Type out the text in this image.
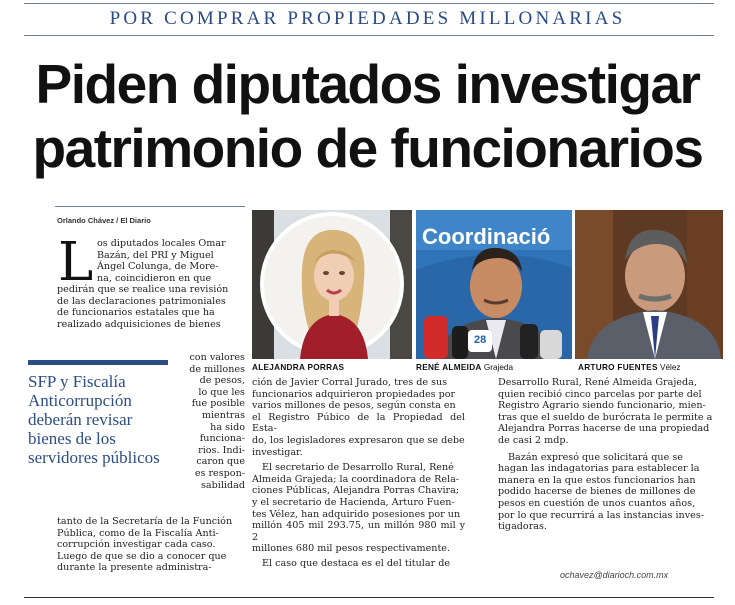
POR COMPRAR PROPIEDADES MILLONARIAS
Piden diputados investigar
patrimonio de funcionarios
Orlando Chávez / El Diario
L os diputados locales Omar
Bazán, del PRI y Miguel
Ángel Colunga, de More-
na, coincidieron en que
pedirán que se realice una revisión
de las declaraciones patrimoniales
de funcionarios estatales que ha
realizado adquisiciones de bienes
SFP y Fiscalía Anticorrupción deberán revisar bienes de los servidores públicos
con valores
de millones
de pesos,
lo que les
fue posible
mientras
ha sido
funciona-
rios. Indi-
caron que
es respon-
sabilidad
tanto de la Secretaría de la Función
Pública, como de la Fiscalía Anti-
corrupción investigar cada caso.
Luego de que se dio a conocer que
durante la presente administra-
ALEJANDRA PORRAS
Coordinació
28
RENÉ ALMEIDA Grajeda	ARTURO FUENTES Vélez
ción de Javier Corral Jurado, tres de sus
funcionarios adquirieron propiedades por
varios millones de pesos, según consta en
el Registro Púbico de la Propiedad del Esta-
do, los legisladores expresaron que se debe
investigar.
El secretario de Desarrollo Rural, René
Almeida Grajeda; la coordinadora de Rela-
ciones Públicas, Alejandra Porras Chavira;
y el secretario de Hacienda, Arturo Fuen-
tes Vélez, han adquirido posesiones por un
millón 405 mil 293.75, un millón 980 mil y 2
millones 680 mil pesos respectivamente.
El caso que destaca es el del titular de
Desarrollo Rural, René Almeida Grajeda,
quien recibió cinco parcelas por parte del
Registro Agrario siendo funcionario, mien-
tras que el sueldo de burócrata le permite a
Alejandra Porras hacerse de una propiedad
de casi 2 mdp.
Bazán expresó que solicitará que se
hagan las indagatorias para establecer la
manera en la que estos funcionarios han
podido hacerse de bienes de millones de
pesos en cuestión de unos cuantos años,
por lo que recurrirá a las instancias inves-
tigadoras.
ochavez@diarioch.com.mx
